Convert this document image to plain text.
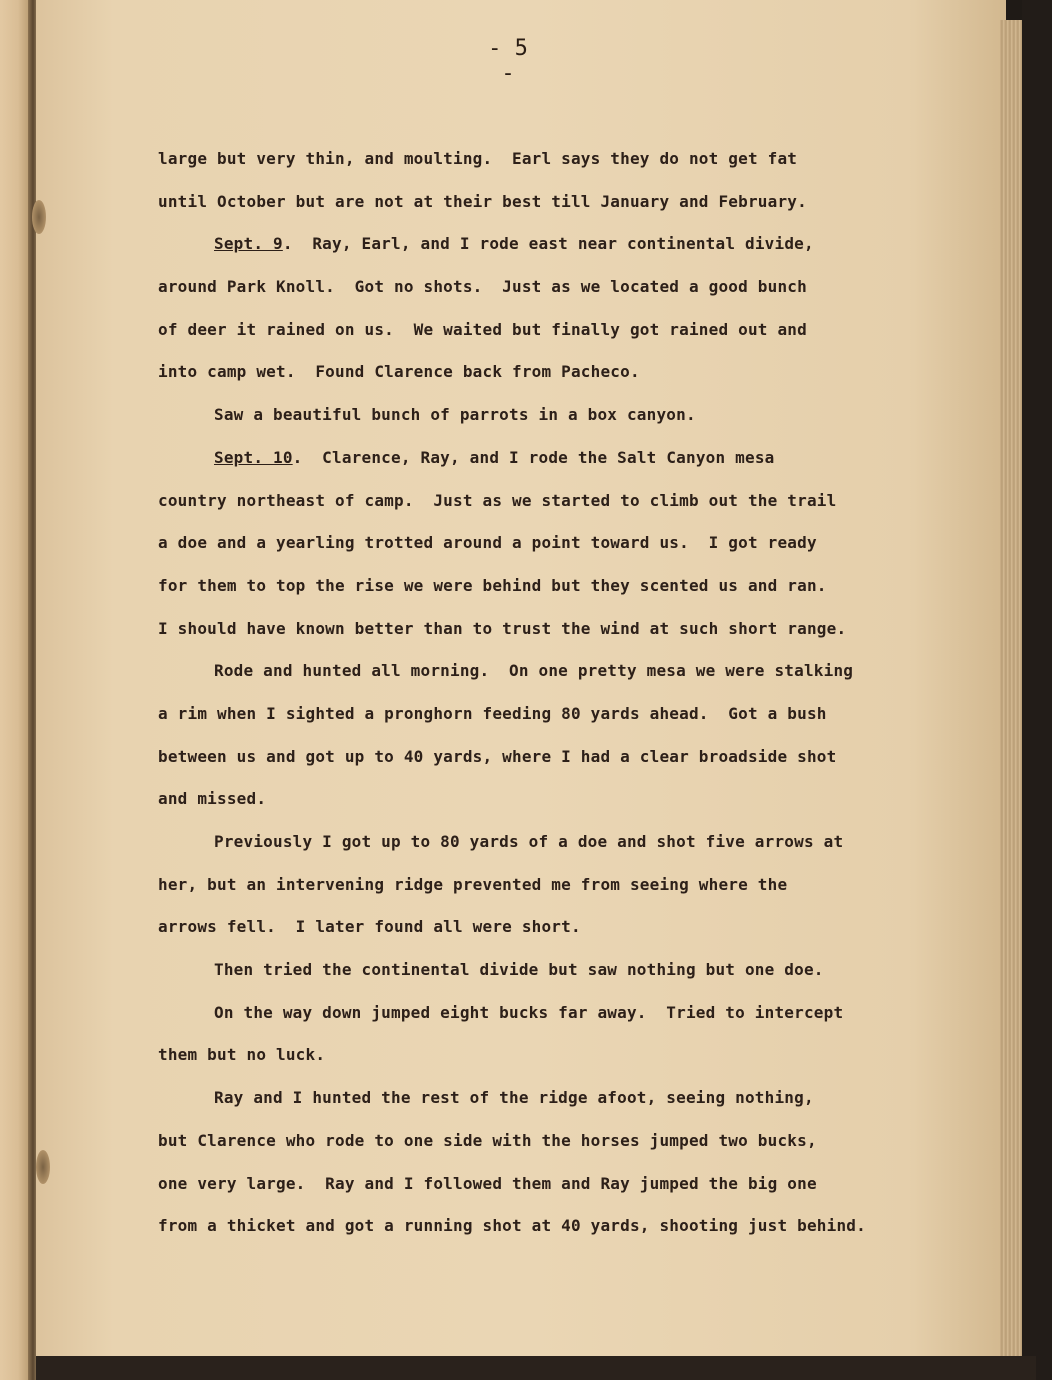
- 5 -
large but very thin, and moulting.  Earl says they do not get fat
until October but are not at their best till January and February.
Sept. 9.  Ray, Earl, and I rode east near continental divide,
around Park Knoll.  Got no shots.  Just as we located a good bunch
of deer it rained on us.  We waited but finally got rained out and
into camp wet.  Found Clarence back from Pacheco.
Saw a beautiful bunch of parrots in a box canyon.
Sept. 10.  Clarence, Ray, and I rode the Salt Canyon mesa
country northeast of camp.  Just as we started to climb out the trail
a doe and a yearling trotted around a point toward us.  I got ready
for them to top the rise we were behind but they scented us and ran.
I should have known better than to trust the wind at such short range.
Rode and hunted all morning.  On one pretty mesa we were stalking
a rim when I sighted a pronghorn feeding 80 yards ahead.  Got a bush
between us and got up to 40 yards, where I had a clear broadside shot
and missed.
Previously I got up to 80 yards of a doe and shot five arrows at
her, but an intervening ridge prevented me from seeing where the
arrows fell.  I later found all were short.
Then tried the continental divide but saw nothing but one doe.
On the way down jumped eight bucks far away.  Tried to intercept
them but no luck.
Ray and I hunted the rest of the ridge afoot, seeing nothing,
but Clarence who rode to one side with the horses jumped two bucks,
one very large.  Ray and I followed them and Ray jumped the big one
from a thicket and got a running shot at 40 yards, shooting just behind.
